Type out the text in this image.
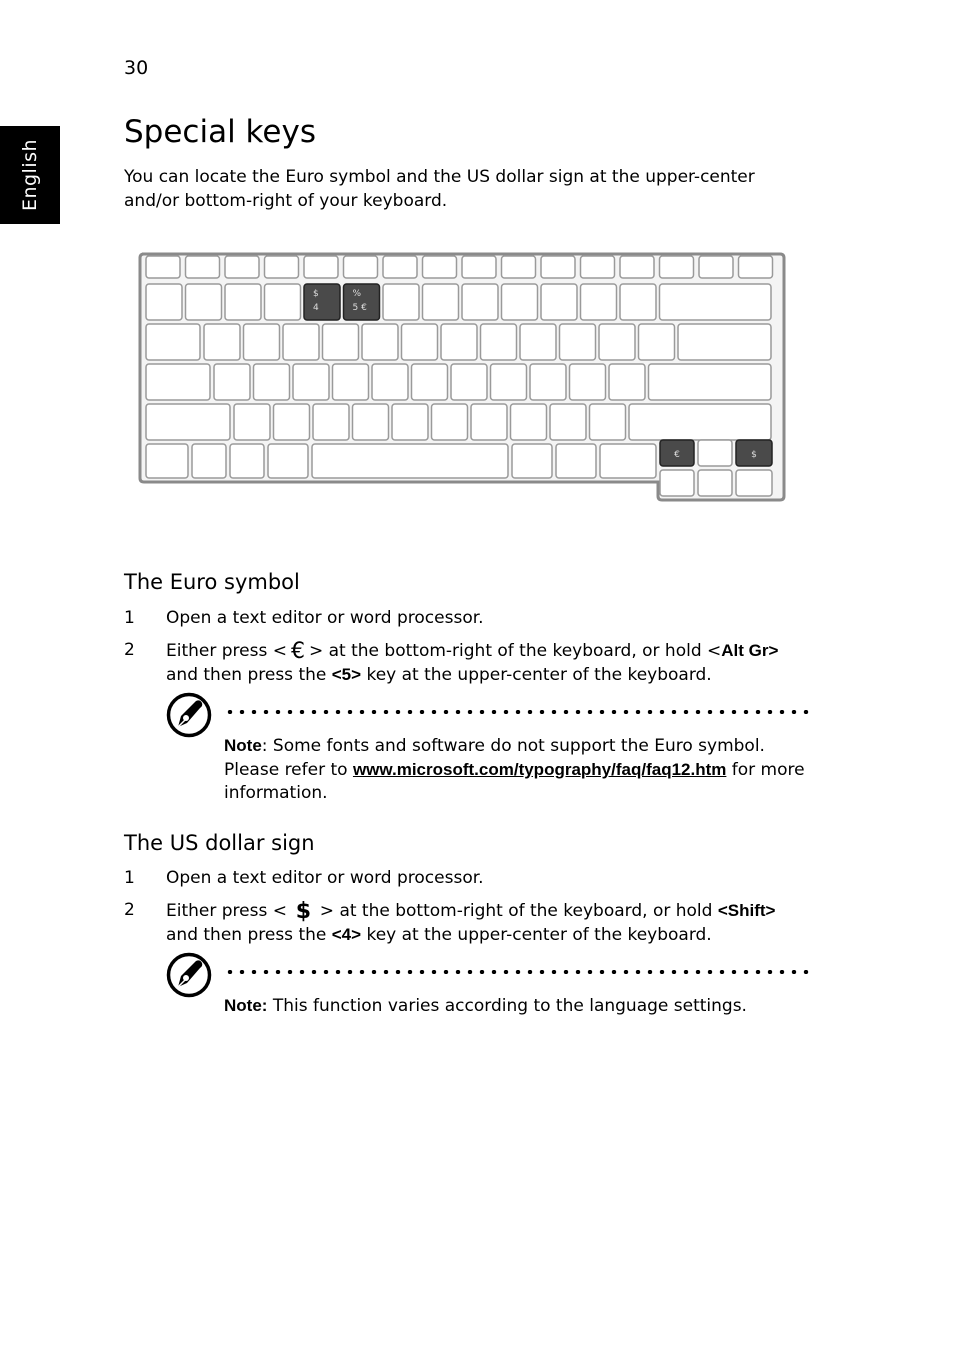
30
English
Special keys
You can locate the Euro symbol and the US dollar sign at the upper-center and/or bottom-right of your keyboard.
$
4
%
5 €
€	$
The Euro symbol
1 Open a text editor or word processor.
2 Either press < € > at the bottom-right of the keyboard, or hold <Alt Gr>
and then press the <5> key at the upper-center of the keyboard.
Note: Some fonts and software do not support the Euro symbol. Please refer to www.microsoft.com/typography/faq/faq12.htm for more information.
The US dollar sign
1 Open a text editor or word processor.
2 Either press < $ > at the bottom-right of the keyboard, or hold <Shift>
and then press the <4> key at the upper-center of the keyboard.
Note: This function varies according to the language settings.
